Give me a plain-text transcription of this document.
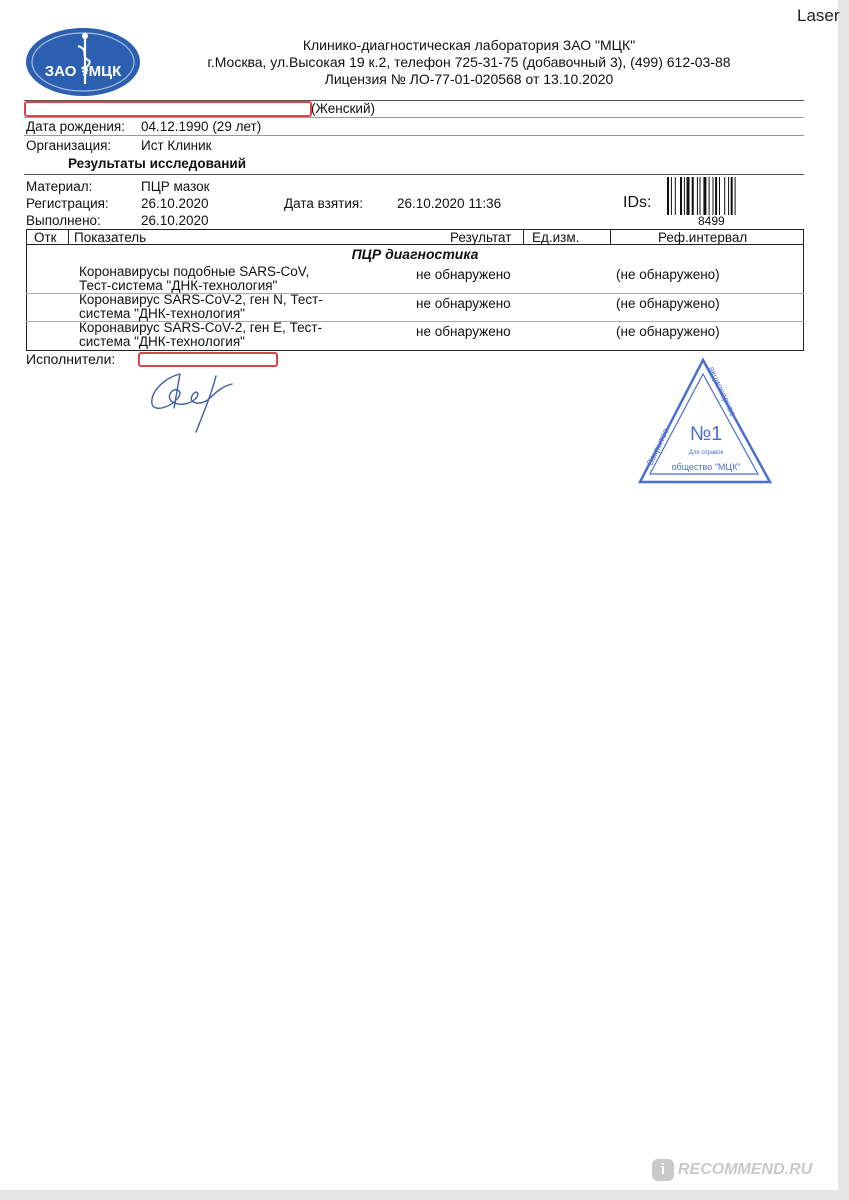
Laser
ЗАО ⚕МЦК
Клинико-диагностическая лаборатория ЗАО "МЦК"
г.Москва, ул.Высокая 19 к.2, телефон 725-31-75 (добавочный 3), (499) 612-03-88
Лицензия № ЛО-77-01-020568 от 13.10.2020
(Женский)
Дата рождения: 04.12.1990 (29 лет)
Организация: Ист Клиник
Результаты исследований
Материал:	ПЦР мазок
Регистрация: 26.10.2020
Выполнено:	26.10.2020
Дата взятия:	26.10.2020 11:36	IDs:
8499
Отк Показатель	Результат Ед.изм.	Реф.интервал
ПЦР диагностика
Коронавирусы подобные SARS-CoV,
Тест-система "ДНК-технология"
не обнаружено	(не обнаружено)
Коронавирус SARS-CoV-2, ген N, Тест-
система "ДНК-технология"
не обнаружено	(не обнаружено)
Коронавирус SARS-CoV-2, ген E, Тест-
система "ДНК-технология"
не обнаружено	(не обнаружено)
Исполнители:
Закрытое
акционерное
№1
Для справок
общество "МЦК"
i RECOMMEND.RU
